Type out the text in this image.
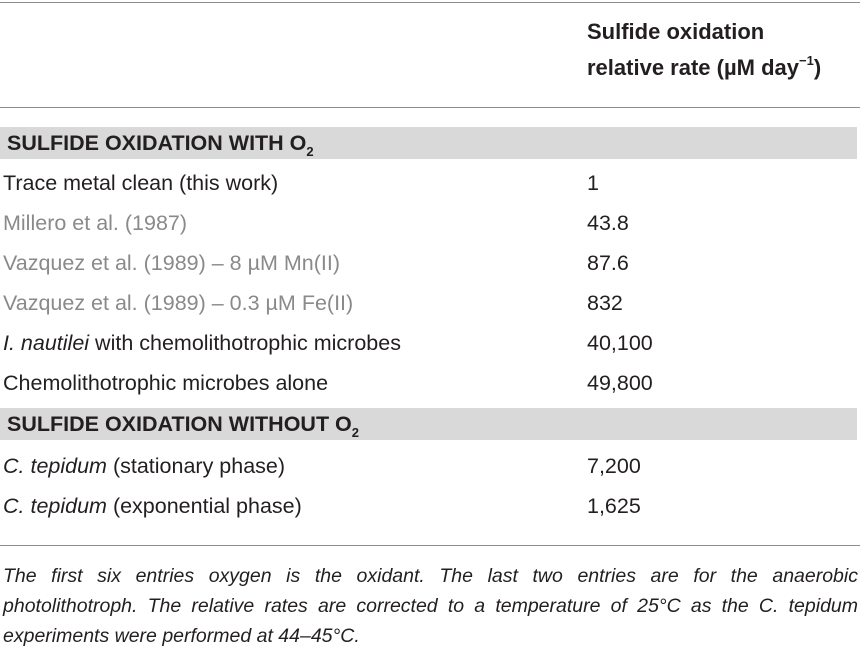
Sulfide oxidation
relative rate (µM day$^{-1}$)
SULFIDE OXIDATION WITH $O_2$
Trace metal clean (this work)	1
Millero et al. (1987)	43.8
Vazquez et al. (1989) – 8 µM Mn(II)	87.6
Vazquez et al. (1989) – 0.3 µM Fe(II)	832
I. nautilei with chemolithotrophic microbes	40,100
Chemolithotrophic microbes alone	49,800
SULFIDE OXIDATION WITHOUT $O_2$
C. tepidum (stationary phase)	7,200
C. tepidum (exponential phase)	1,625
The first six entries oxygen is the oxidant. The last two entries are for the anaerobic photolithotroph. The relative rates are corrected to a temperature of 25°C as the C. tepidum experiments were performed at 44–45°C.
